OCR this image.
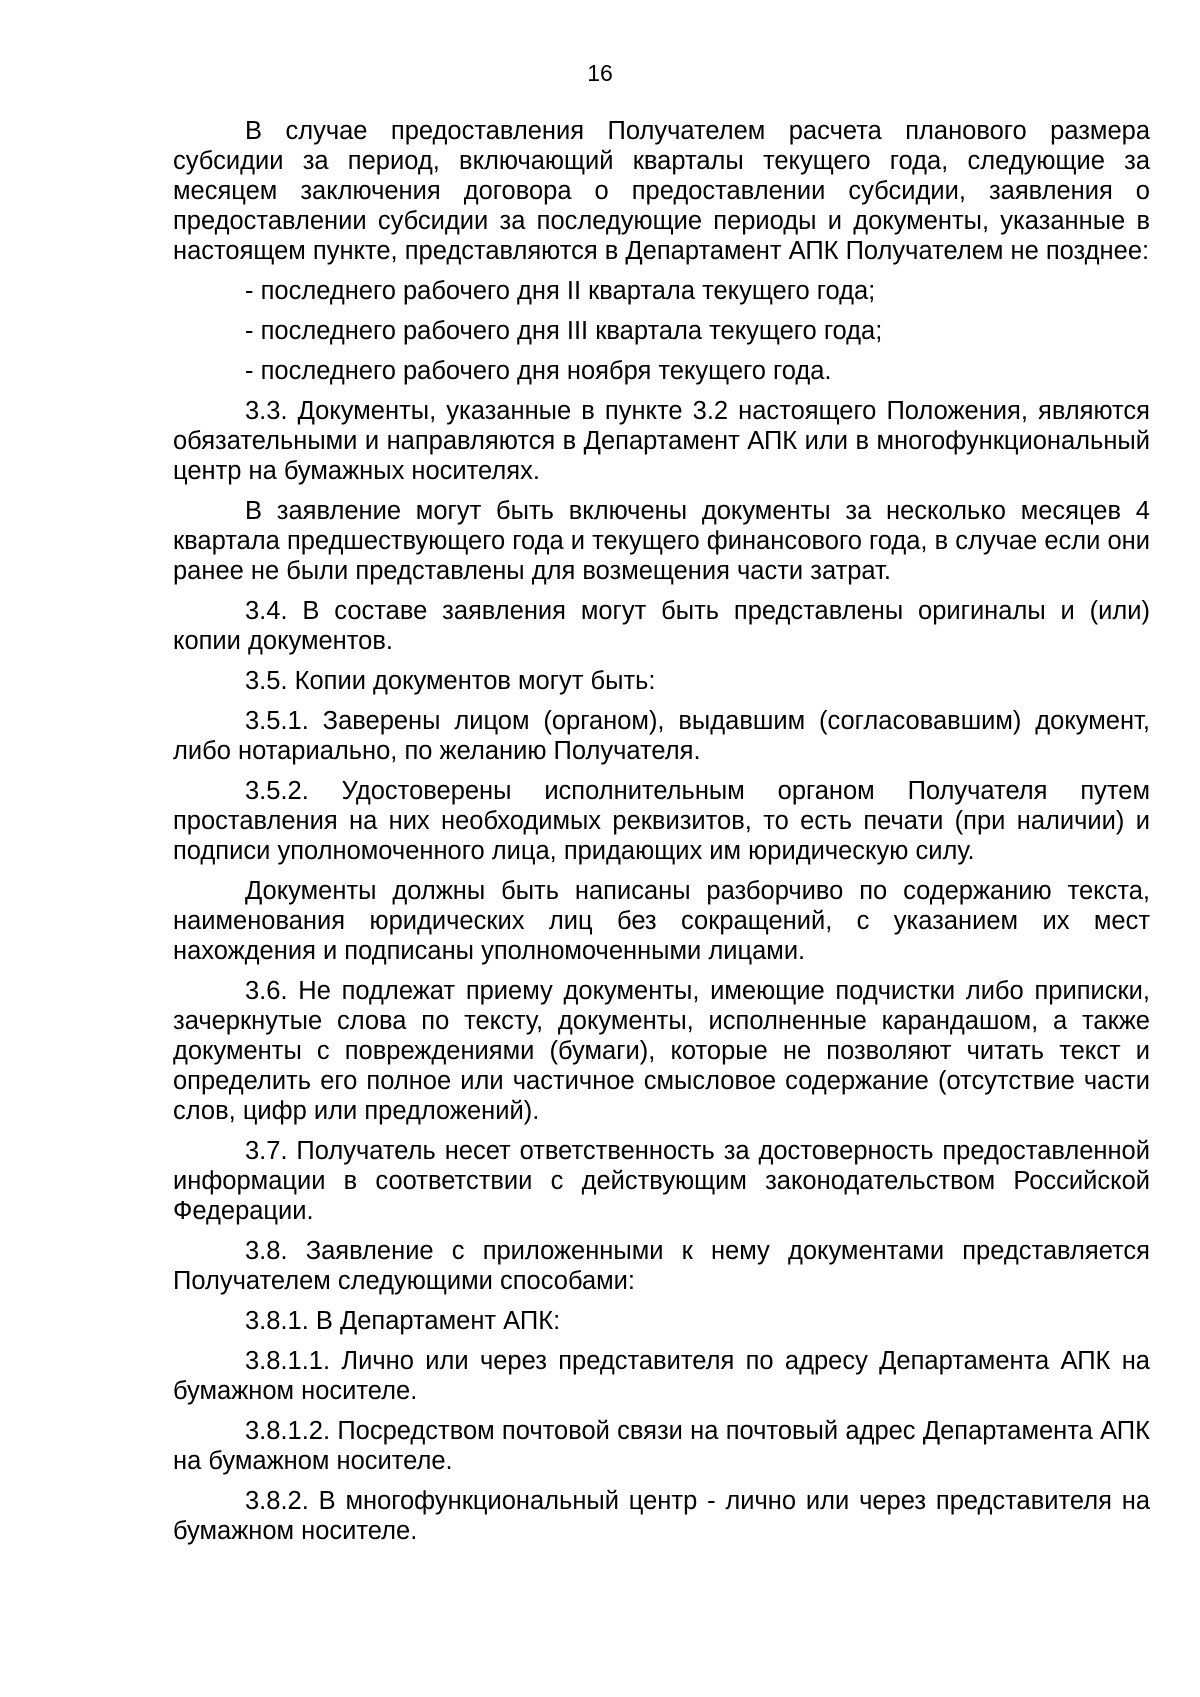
16

В случае предоставления Получателем расчета планового размера субсидии за период, включающий кварталы текущего года, следующие за месяцем заключения договора о предоставлении субсидии, заявления о предоставлении субсидии за последующие периоды и документы, указанные в настоящем пункте, представляются в Департамент АПК Получателем не позднее:

- последнего рабочего дня II квартала текущего года;

- последнего рабочего дня III квартала текущего года;

- последнего рабочего дня ноября текущего года.

3.3. Документы, указанные в пункте 3.2 настоящего Положения, являются обязательными и направляются в Департамент АПК или в многофункциональный центр на бумажных носителях.

В заявление могут быть включены документы за несколько месяцев 4 квартала предшествующего года и текущего финансового года, в случае если они ранее не были представлены для возмещения части затрат.

3.4. В составе заявления могут быть представлены оригиналы и (или) копии документов.

3.5. Копии документов могут быть:

3.5.1. Заверены лицом (органом), выдавшим (согласовавшим) документ, либо нотариально, по желанию Получателя.

3.5.2. Удостоверены исполнительным органом Получателя путем проставления на них необходимых реквизитов, то есть печати (при наличии) и подписи уполномоченного лица, придающих им юридическую силу.

Документы должны быть написаны разборчиво по содержанию текста, наименования юридических лиц без сокращений, с указанием их мест нахождения и подписаны уполномоченными лицами.

3.6. Не подлежат приему документы, имеющие подчистки либо приписки, зачеркнутые слова по тексту, документы, исполненные карандашом, а также документы с повреждениями (бумаги), которые не позволяют читать текст и определить его полное или частичное смысловое содержание (отсутствие части слов, цифр или предложений).

3.7. Получатель несет ответственность за достоверность предоставленной информации в соответствии с действующим законодательством Российской Федерации.

3.8. Заявление с приложенными к нему документами представляется Получателем следующими способами:

3.8.1. В Департамент АПК:

3.8.1.1. Лично или через представителя по адресу Департамента АПК на бумажном носителе.

3.8.1.2. Посредством почтовой связи на почтовый адрес Департамента АПК на бумажном носителе.

3.8.2. В многофункциональный центр - лично или через представителя на бумажном носителе.
